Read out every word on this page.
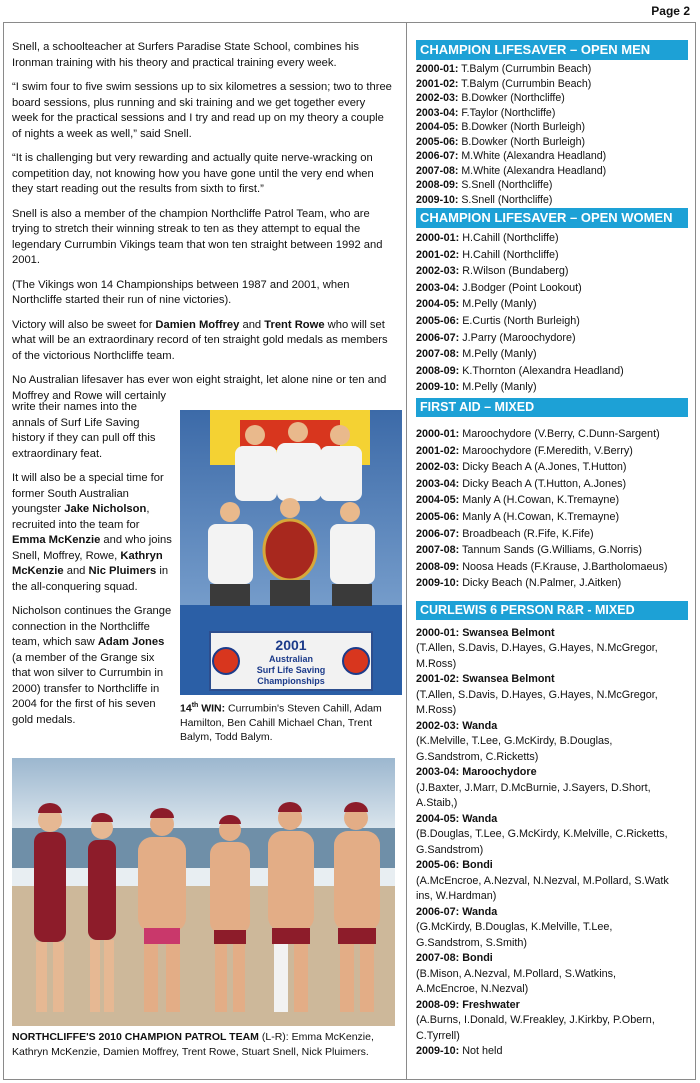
Page 2

Snell, a schoolteacher at Surfers Paradise State School, combines his Ironman training with his theory and practical training every week.

“I swim four to five swim sessions up to six kilometres a session; two to three board sessions, plus running and ski training and we get together every week for the practical sessions and I try and read up on my theory a couple of nights a week as well,” said Snell.

“It is challenging but very rewarding and actually quite nerve-wracking on competition day, not knowing how you have gone until the very end when they start reading out the results from sixth to first.”

Snell is also a member of the champion Northcliffe Patrol Team, who are trying to stretch their winning streak to ten as they attempt to equal the legendary Currumbin Vikings team that won ten straight between 1992 and 2001.

(The Vikings won 14 Championships between 1987 and 2001, when Northcliffe started their run of nine victories).

Victory will also be sweet for Damien Moffrey and Trent Rowe who will set what will be an extraordinary record of ten straight gold medals as members of the victorious Northcliffe team.

No Australian lifesaver has ever won eight straight, let alone nine or ten and Moffrey and Rowe will certainly

write their names into the annals of Surf Life Saving history if they can pull off this extraordinary feat.

It will also be a special time for former South Australian youngster Jake Nicholson, recruited into the team for Emma McKenzie and who joins Snell, Moffrey, Rowe, Kathryn McKenzie and Nic Pluimers in the all-conquering squad.

Nicholson continues the Grange connection in the Northcliffe team, which saw Adam Jones (a member of the Grange six that won silver to Currumbin in 2000) transfer to Northcliffe in 2004 for the first of his seven gold medals.

2001
Australian
Surf Life Saving
Championships
14th WIN: Currumbin's Steven Cahill, Adam Hamilton, Ben Cahill Michael Chan, Trent Balym, Todd Balym.
NORTHCLIFFE'S 2010 CHAMPION PATROL TEAM (L-R): Emma McKenzie, Kathryn McKenzie, Damien Moffrey, Trent Rowe, Stuart Snell, Nick Pluimers.
CHAMPION LIFESAVER – OPEN MEN
2000-01: T.Balym (Currumbin Beach)
2001-02: T.Balym (Currumbin Beach)
2002-03: B.Dowker (Northcliffe)
2003-04: F.Taylor (Northcliffe)
2004-05: B.Dowker (North Burleigh)
2005-06: B.Dowker (North Burleigh)
2006-07: M.White (Alexandra Headland)
2007-08: M.White (Alexandra Headland)
2008-09: S.Snell (Northcliffe)
2009-10: S.Snell (Northcliffe)
CHAMPION LIFESAVER – OPEN WOMEN
2000-01: H.Cahill (Northcliffe)
2001-02: H.Cahill (Northcliffe)
2002-03: R.Wilson (Bundaberg)
2003-04: J.Bodger (Point Lookout)
2004-05: M.Pelly (Manly)
2005-06: E.Curtis (North Burleigh)
2006-07: J.Parry (Maroochydore)
2007-08: M.Pelly (Manly)
2008-09: K.Thornton (Alexandra Headland)
2009-10: M.Pelly (Manly)
FIRST AID – MIXED
2000-01: Maroochydore (V.Berry, C.Dunn-Sargent)
2001-02: Maroochydore (F.Meredith, V.Berry)
2002-03: Dicky Beach A (A.Jones, T.Hutton)
2003-04: Dicky Beach A (T.Hutton, A.Jones)
2004-05: Manly A (H.Cowan, K.Tremayne)
2005-06: Manly A (H.Cowan, K.Tremayne)
2006-07: Broadbeach (R.Fife, K.Fife)
2007-08: Tannum Sands (G.Williams, G.Norris)
2008-09: Noosa Heads (F.Krause, J.Bartholomaeus)
2009-10: Dicky Beach (N.Palmer, J.Aitken)
CURLEWIS 6 PERSON R&R - MIXED
2000-01: Swansea Belmont
(T.Allen, S.Davis, D.Hayes, G.Hayes, N.McGregor,
M.Ross)
2001-02: Swansea Belmont
(T.Allen, S.Davis, D.Hayes, G.Hayes, N.McGregor,
M.Ross)
2002-03: Wanda
(K.Melville, T.Lee, G.McKirdy, B.Douglas,
G.Sandstrom, C.Ricketts)
2003-04: Maroochydore
(J.Baxter, J.Marr, D.McBurnie, J.Sayers, D.Short,
A.Staib,)
2004-05: Wanda
(B.Douglas, T.Lee, G.McKirdy, K.Melville, C.Ricketts,
G.Sandstrom)
2005-06: Bondi
(A.McEncroe, A.Nezval, N.Nezval, M.Pollard, S.Watk
ins, W.Hardman)
2006-07: Wanda
(G.McKirdy, B.Douglas, K.Melville, T.Lee,
G.Sandstrom, S.Smith)
2007-08: Bondi
(B.Mison, A.Nezval, M.Pollard, S.Watkins,
A.McEncroe, N.Nezval)
2008-09: Freshwater
(A.Burns, I.Donald, W.Freakley, J.Kirkby, P.Obern,
C.Tyrrell)
2009-10: Not held
